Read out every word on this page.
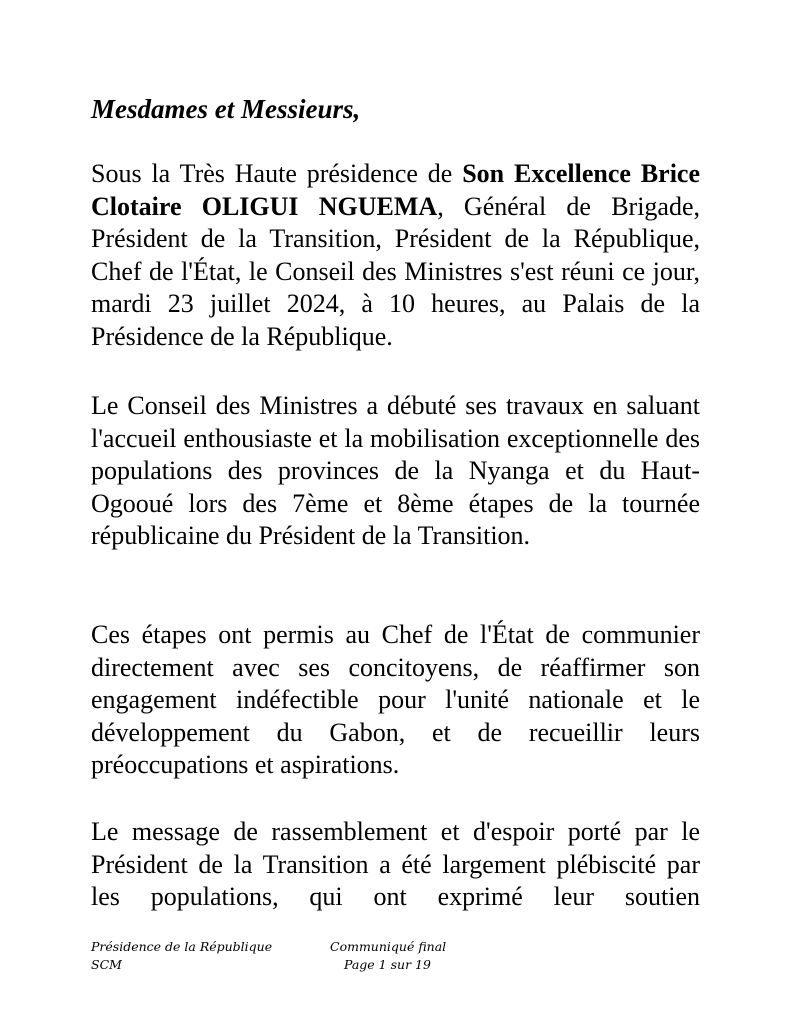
Mesdames et Messieurs,

Sous la Très Haute présidence de Son Excellence Brice Clotaire OLIGUI NGUEMA, Général de Brigade, Président de la Transition, Président de la République, Chef de l'État, le Conseil des Ministres s'est réuni ce jour, mardi 23 juillet 2024, à 10 heures, au Palais de la Présidence de la République.

Le Conseil des Ministres a débuté ses travaux en saluant l'accueil enthousiaste et la mobilisation exceptionnelle des populations des provinces de la Nyanga et du Haut-Ogooué lors des 7ème et 8ème étapes de la tournée républicaine du Président de la Transition.

Ces étapes ont permis au Chef de l'État de communier directement avec ses concitoyens, de réaffirmer son engagement indéfectible pour l'unité nationale et le développement du Gabon, et de recueillir leurs préoccupations et aspirations.

Le message de rassemblement et d'espoir porté par le Président de la Transition a été largement plébiscité par les populations, qui ont exprimé leur soutien

Présidence de la République
SCM
Communiqué final
Page 1 sur 19
